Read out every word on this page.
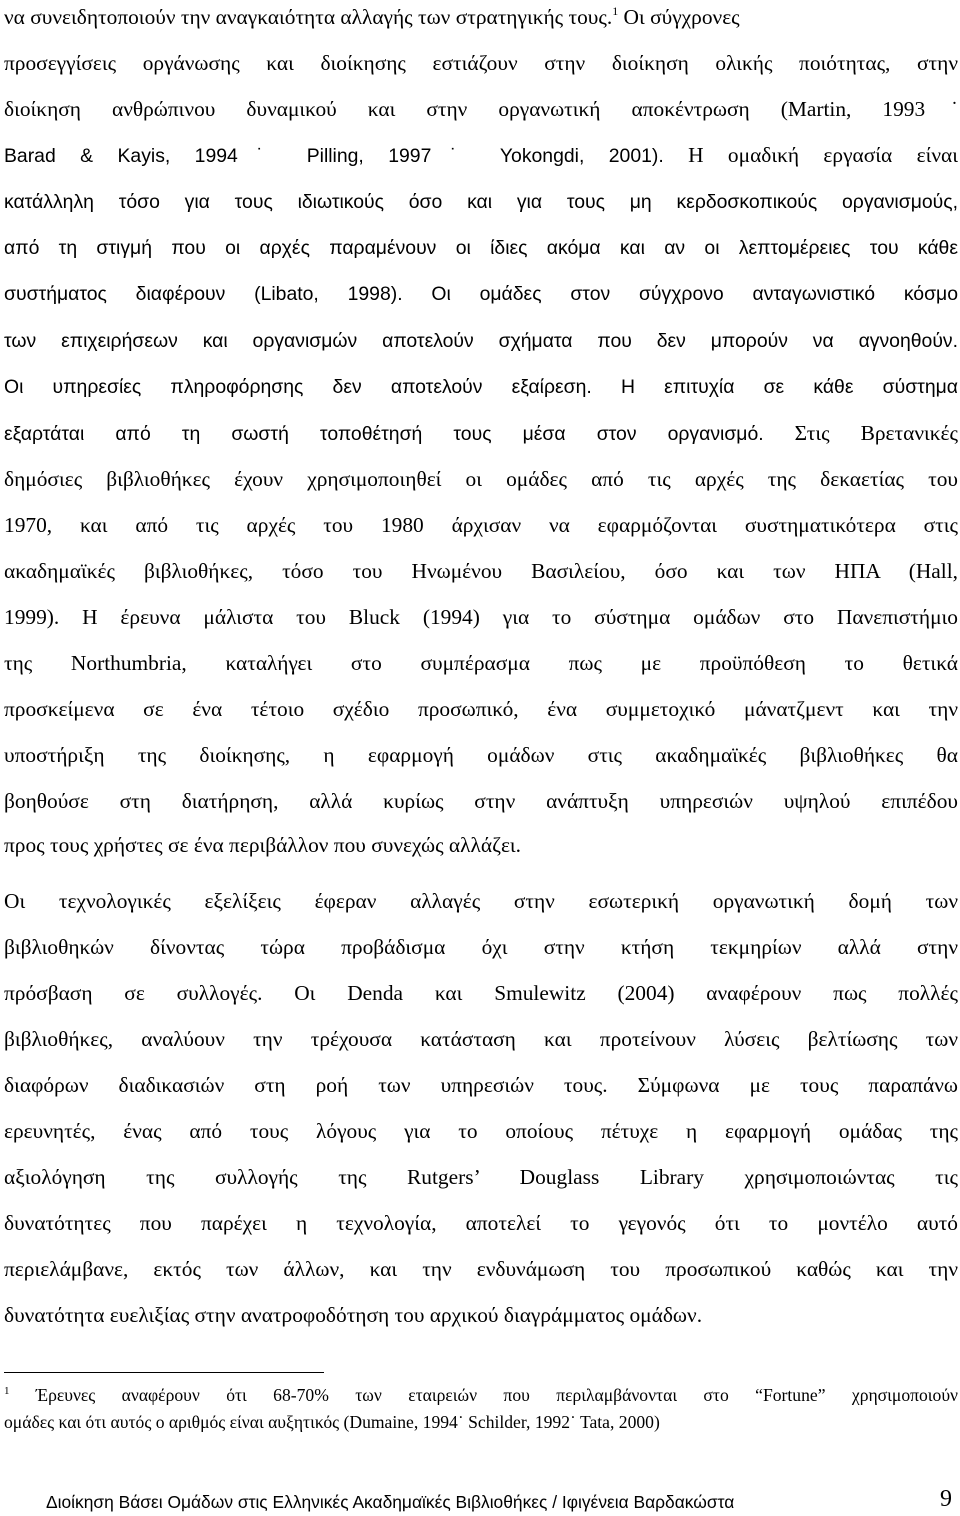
να συνειδητοποιούν την αναγκαιότητα αλλαγής των στρατηγικής τους.$^1$ Οι σύγχρονες
προσεγγίσεις οργάνωσης και διοίκησης εστιάζουν στην διοίκηση ολικής ποιότητας, στην
διοίκηση ανθρώπινου δυναμικού και στην οργανωτική αποκέντρωση (Martin, 1993˙
Barad & Kayis, 1994˙ Pilling, 1997˙ Yokongdi, 2001). Η ομαδική εργασία είναι
κατάλληλη τόσο για τους ιδιωτικούς όσο και για τους μη κερδοσκοπικούς οργανισμούς,
από τη στιγμή που οι αρχές παραμένουν οι ίδιες ακόμα και αν οι λεπτομέρειες του κάθε
συστήματος διαφέρουν (Libato, 1998). Οι ομάδες στον σύγχρονο ανταγωνιστικό κόσμο
των επιχειρήσεων και οργανισμών αποτελούν σχήματα που δεν μπορούν να αγνοηθούν.
Οι υπηρεσίες πληροφόρησης δεν αποτελούν εξαίρεση. Η επιτυχία σε κάθε σύστημα
εξαρτάται από τη σωστή τοποθέτησή τους μέσα στον οργανισμό. Στις Βρετανικές
δημόσιες βιβλιοθήκες έχουν χρησιμοποιηθεί οι ομάδες από τις αρχές της δεκαετίας του
1970, και από τις αρχές του 1980 άρχισαν να εφαρμόζονται συστηματικότερα στις
ακαδημαϊκές βιβλιοθήκες, τόσο του Ηνωμένου Βασιλείου, όσο και των ΗΠΑ (Hall,
1999). Η έρευνα μάλιστα του Bluck (1994) για το σύστημα ομάδων στο Πανεπιστήμιο
της Northumbria, καταλήγει στο συμπέρασμα πως με προϋπόθεση το θετικά
προσκείμενα σε ένα τέτοιο σχέδιο προσωπικό, ένα συμμετοχικό μάνατζμεντ και την
υποστήριξη της διοίκησης, η εφαρμογή ομάδων στις ακαδημαϊκές βιβλιοθήκες θα
βοηθούσε στη διατήρηση, αλλά κυρίως στην ανάπτυξη υπηρεσιών υψηλού επιπέδου
προς τους χρήστες σε ένα περιβάλλον που συνεχώς αλλάζει.
Οι τεχνολογικές εξελίξεις έφεραν αλλαγές στην εσωτερική οργανωτική δομή των
βιβλιοθηκών δίνοντας τώρα προβάδισμα όχι στην κτήση τεκμηρίων αλλά στην
πρόσβαση σε συλλογές. Οι Denda και Smulewitz (2004) αναφέρουν πως πολλές
βιβλιοθήκες, αναλύουν την τρέχουσα κατάσταση και προτείνουν λύσεις βελτίωσης των
διαφόρων διαδικασιών στη ροή των υπηρεσιών τους. Σύμφωνα με τους παραπάνω
ερευνητές, ένας από τους λόγους για το οποίους πέτυχε η εφαρμογή ομάδας της
αξιολόγηση της συλλογής της Rutgers’ Douglass Library χρησιμοποιώντας τις
δυνατότητες που παρέχει η τεχνολογία, αποτελεί το γεγονός ότι το μοντέλο αυτό
περιελάμβανε, εκτός των άλλων, και την ενδυνάμωση του προσωπικού καθώς και την
δυνατότητα ευελιξίας στην ανατροφοδότηση του αρχικού διαγράμματος ομάδων.
$^1$ Έρευνες αναφέρουν ότι 68-70% των εταιρειών που περιλαμβάνονται στο “Fortune” χρησιμοποιούν
ομάδες και ότι αυτός ο αριθμός είναι αυξητικός (Dumaine, 1994˙ Schilder, 1992˙ Tata, 2000)
Διοίκηση Βάσει Ομάδων στις Ελληνικές Ακαδημαϊκές Βιβλιοθήκες / Ιφιγένεια Βαρδακώστα	9
